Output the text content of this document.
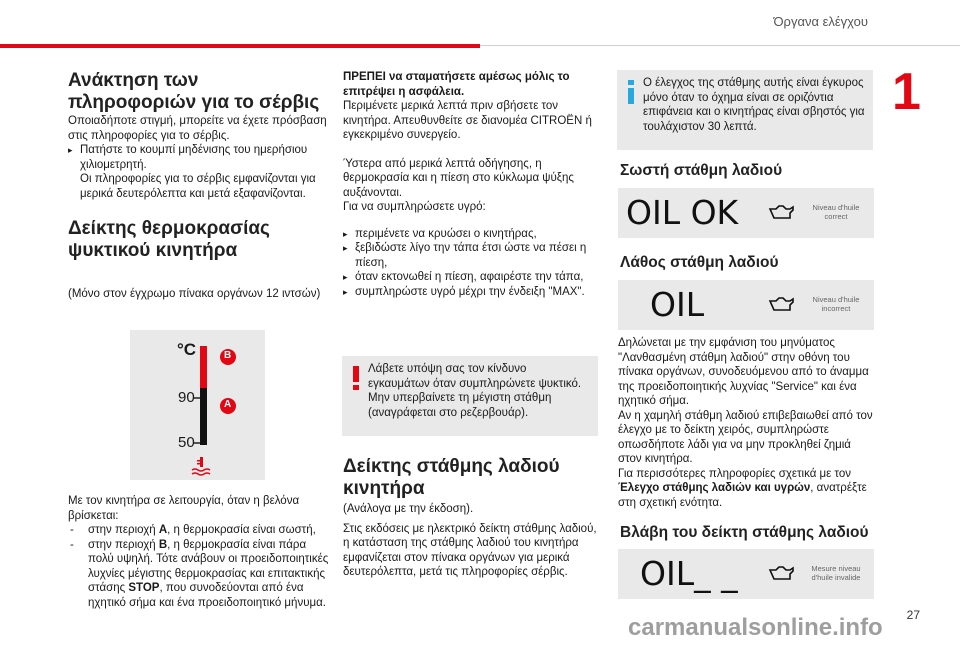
Όργανα ελέγχου
1
Ανάκτηση των πληροφοριών για το σέρβις
Οποιαδήποτε στιγμή, μπορείτε να έχετε πρόσβαση στις πληροφορίες για το σέρβις.
▸ Πατήστε το κουμπί μηδένισης του ημερήσιου χιλιομετρητή.
Οι πληροφορίες για το σέρβις εμφανίζονται για μερικά δευτερόλεπτα και μετά εξαφανίζονται.
Δείκτης θερμοκρασίας ψυκτικού κινητήρα
(Μόνο στον έγχρωμο πίνακα οργάνων 12 ιντσών)
°C
90
50
B
A
Με τον κινητήρα σε λειτουργία, όταν η βελόνα βρίσκεται:
- στην περιοχή A, η θερμοκρασία είναι σωστή,
- στην περιοχή B, η θερμοκρασία είναι πάρα πολύ υψηλή. Τότε ανάβουν οι προειδοποιητικές λυχνίες μέγιστης θερμοκρασίας και επιτακτικής στάσης STOP, που συνοδεύονται από ένα ηχητικό σήμα και ένα προειδοποιητικό μήνυμα.
ΠΡΕΠΕΙ να σταματήσετε αμέσως μόλις το επιτρέψει η ασφάλεια.
Περιμένετε μερικά λεπτά πριν σβήσετε τον κινητήρα. Απευθυνθείτε σε διανομέα CITROËN ή εγκεκριμένο συνεργείο.
Ύστερα από μερικά λεπτά οδήγησης, η θερμοκρασία και η πίεση στο κύκλωμα ψύξης αυξάνονται.
Για να συμπληρώσετε υγρό:
▸ περιμένετε να κρυώσει ο κινητήρας,
▸ ξεβιδώστε λίγο την τάπα έτσι ώστε να πέσει η πίεση,
▸ όταν εκτονωθεί η πίεση, αφαιρέστε την τάπα,
▸ συμπληρώστε υγρό μέχρι την ένδειξη "MAX".
Λάβετε υπόψη σας τον κίνδυνο εγκαυμάτων όταν συμπληρώνετε ψυκτικό. Μην υπερβαίνετε τη μέγιστη στάθμη (αναγράφεται στο ρεζερβουάρ).
Δείκτης στάθμης λαδιού κινητήρα
(Ανάλογα με την έκδοση).
Στις εκδόσεις με ηλεκτρικό δείκτη στάθμης λαδιού, η κατάσταση της στάθμης λαδιού του κινητήρα εμφανίζεται στον πίνακα οργάνων για μερικά δευτερόλεπτα, μετά τις πληροφορίες σέρβις.
Ο έλεγχος της στάθμης αυτής είναι έγκυρος μόνο όταν το όχημα είναι σε οριζόντια επιφάνεια και ο κινητήρας είναι σβηστός για τουλάχιστον 30 λεπτά.
Σωστή στάθμη λαδιού
OIL OK	Niveau d'huile correct
Λάθος στάθμη λαδιού
OIL	Niveau d'huile incorrect
Δηλώνεται με την εμφάνιση του μηνύματος "Λανθασμένη στάθμη λαδιού" στην οθόνη του πίνακα οργάνων, συνοδευόμενου από το άναμμα της προειδοποιητικής λυχνίας "Service" και ένα ηχητικό σήμα.
Αν η χαμηλή στάθμη λαδιού επιβεβαιωθεί από τον έλεγχο με το δείκτη χειρός, συμπληρώστε οπωσδήποτε λάδι για να μην προκληθεί ζημιά στον κινητήρα.
Για περισσότερες πληροφορίες σχετικά με τον Έλεγχο στάθμης λαδιών και υγρών, ανατρέξτε στη σχετική ενότητα.
Βλάβη του δείκτη στάθμης λαδιού
OIL_ _	Mesure niveau d'huile invalide
27
carmanualsonline.info
